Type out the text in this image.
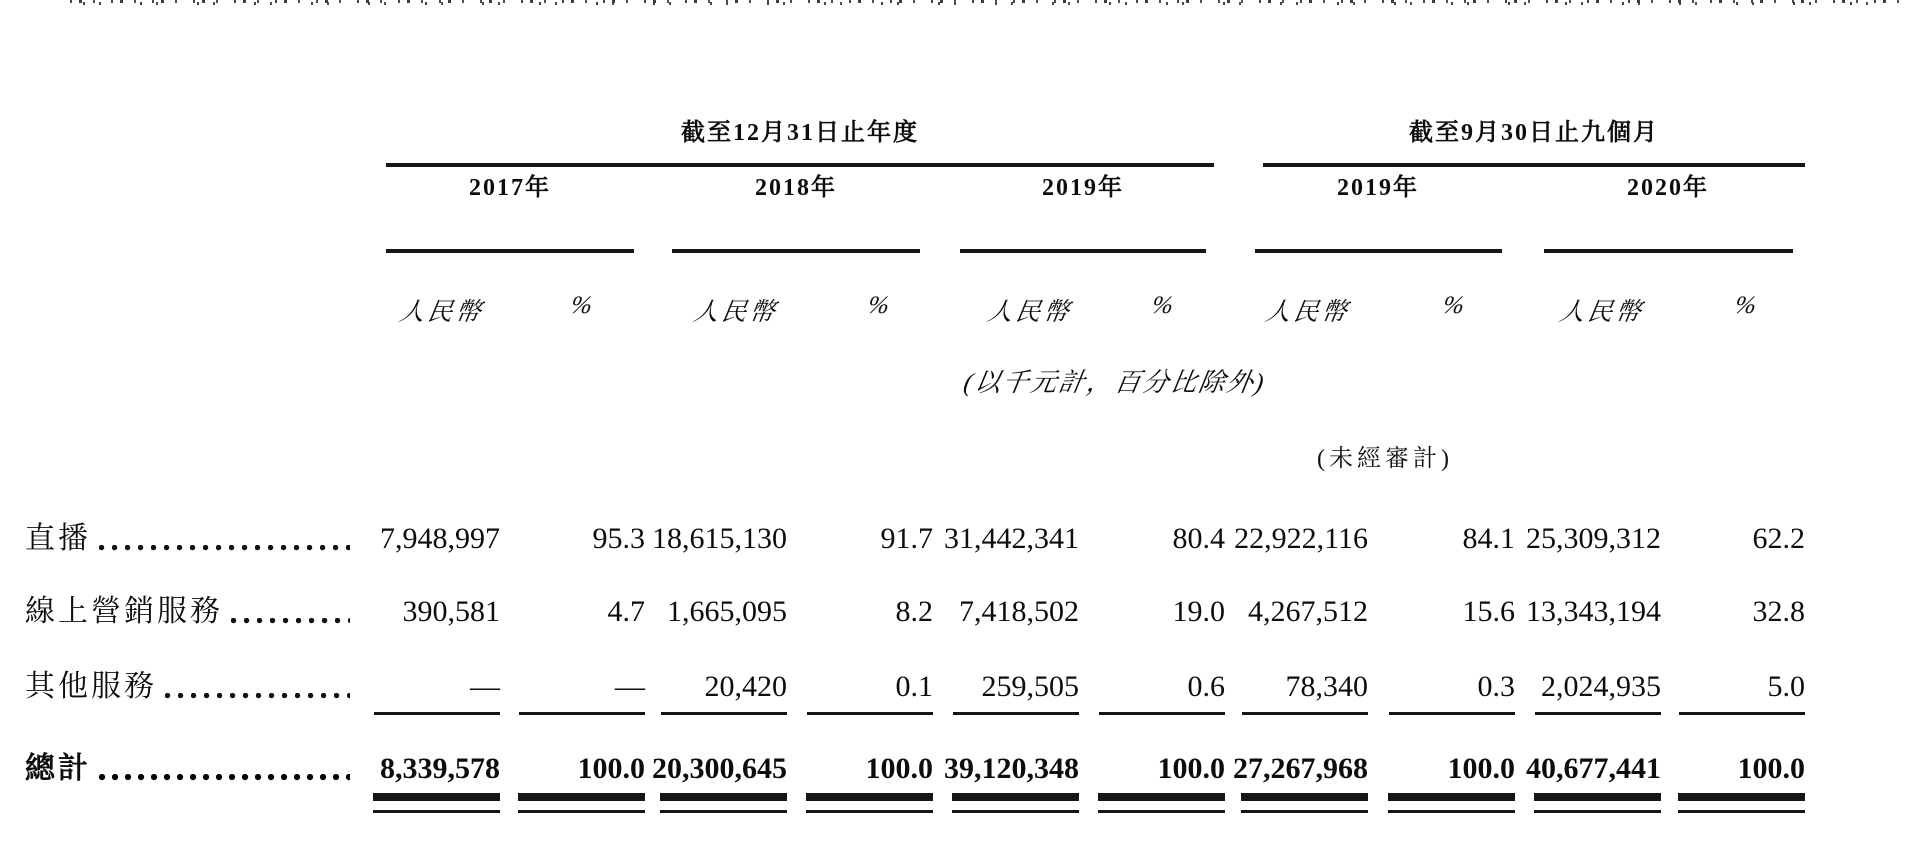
截至12月31日止年度	截至9月30日止九個月
2017年	2018年	2019年	2019年	2020年
人民幣	%	人民幣	%	人民幣	%	人民幣	%	人民幣	%
(以千元計，百分比除外)
(未經審計)
直播	7,948,997	95.3 18,615,130	91.7 31,442,341	80.4 22,922,116	84.1 25,309,312	62.2
線上營銷服務	390,581	4.7 1,665,095	8.2 7,418,502	19.0 4,267,512	15.6 13,343,194	32.8
其他服務	—	— 20,420	0.1 259,505	0.6 78,340	0.3 2,024,935	5.0
總計	8,339,578	100.0 20,300,645	100.0 39,120,348	100.0 27,267,968	100.0 40,677,441	100.0
